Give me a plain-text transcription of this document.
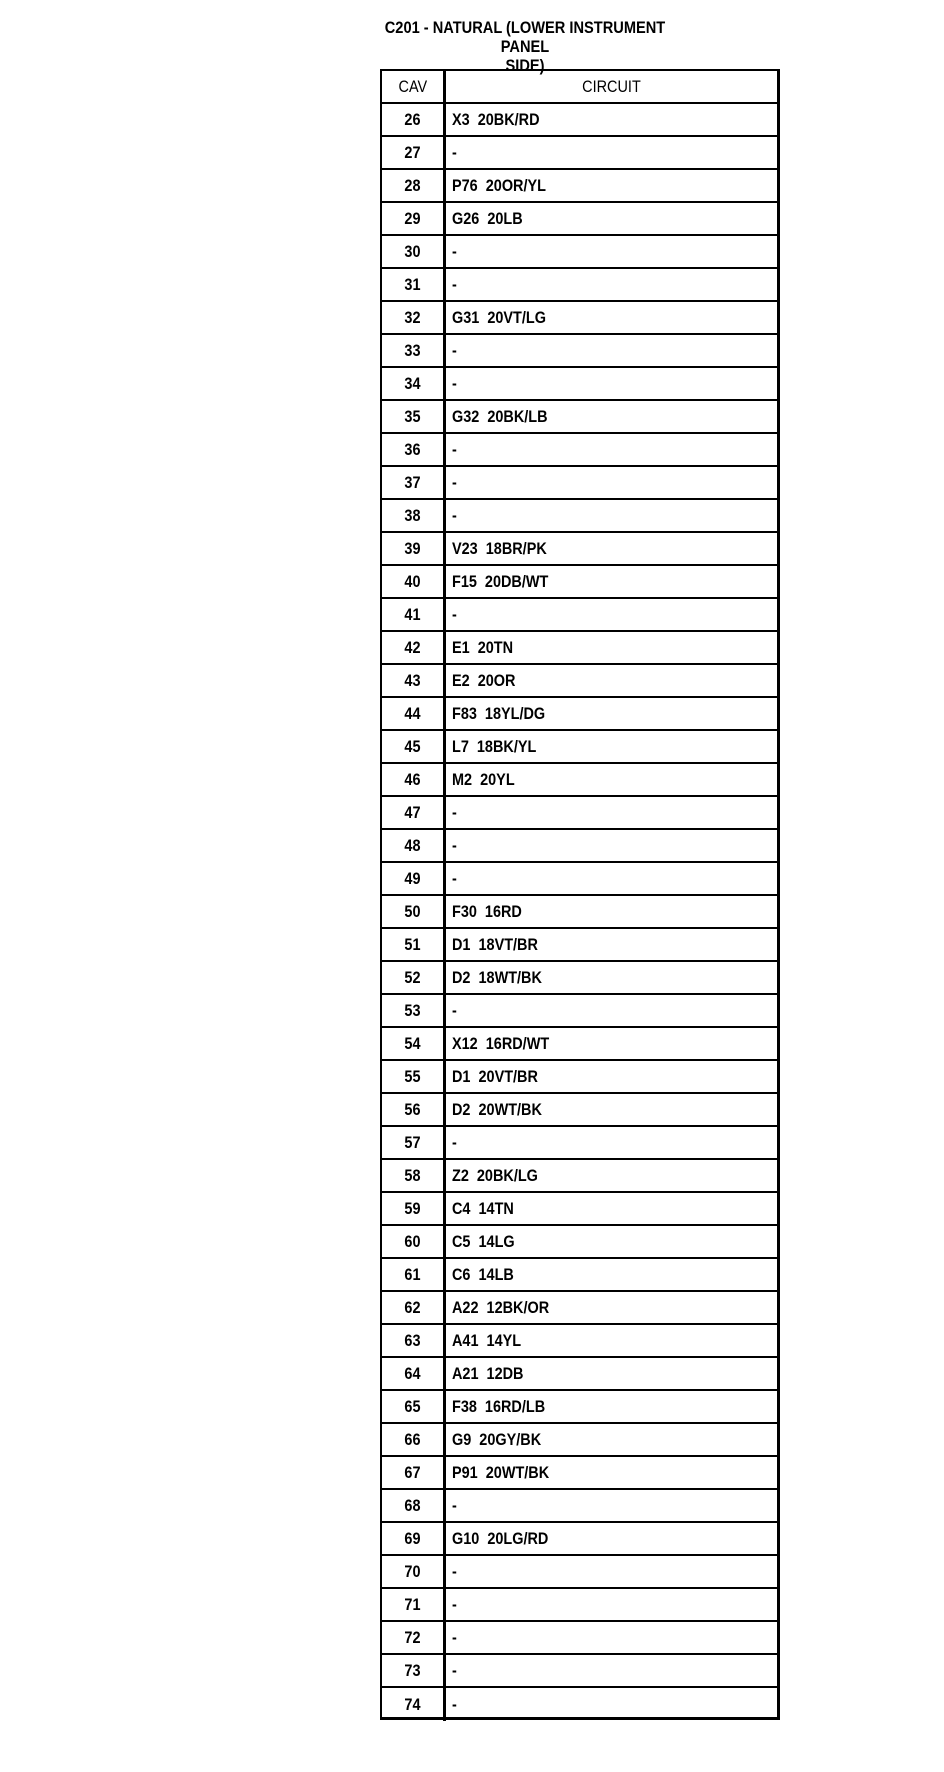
C201 - NATURAL (LOWER INSTRUMENT PANEL
SIDE)
CAV	CIRCUIT
26 X3  20BK/RD
27 -
28 P76  20OR/YL
29 G26  20LB
30 -
31 -
32 G31  20VT/LG
33 -
34 -
35 G32  20BK/LB
36 -
37 -
38 -
39 V23  18BR/PK
40 F15  20DB/WT
41 -
42 E1  20TN
43 E2  20OR
44 F83  18YL/DG
45 L7  18BK/YL
46 M2  20YL
47 -
48 -
49 -
50 F30  16RD
51 D1  18VT/BR
52 D2  18WT/BK
53 -
54 X12  16RD/WT
55 D1  20VT/BR
56 D2  20WT/BK
57 -
58 Z2  20BK/LG
59 C4  14TN
60 C5  14LG
61 C6  14LB
62 A22  12BK/OR
63 A41  14YL
64 A21  12DB
65 F38  16RD/LB
66 G9  20GY/BK
67 P91  20WT/BK
68 -
69 G10  20LG/RD
70 -
71 -
72 -
73 -
74 -
